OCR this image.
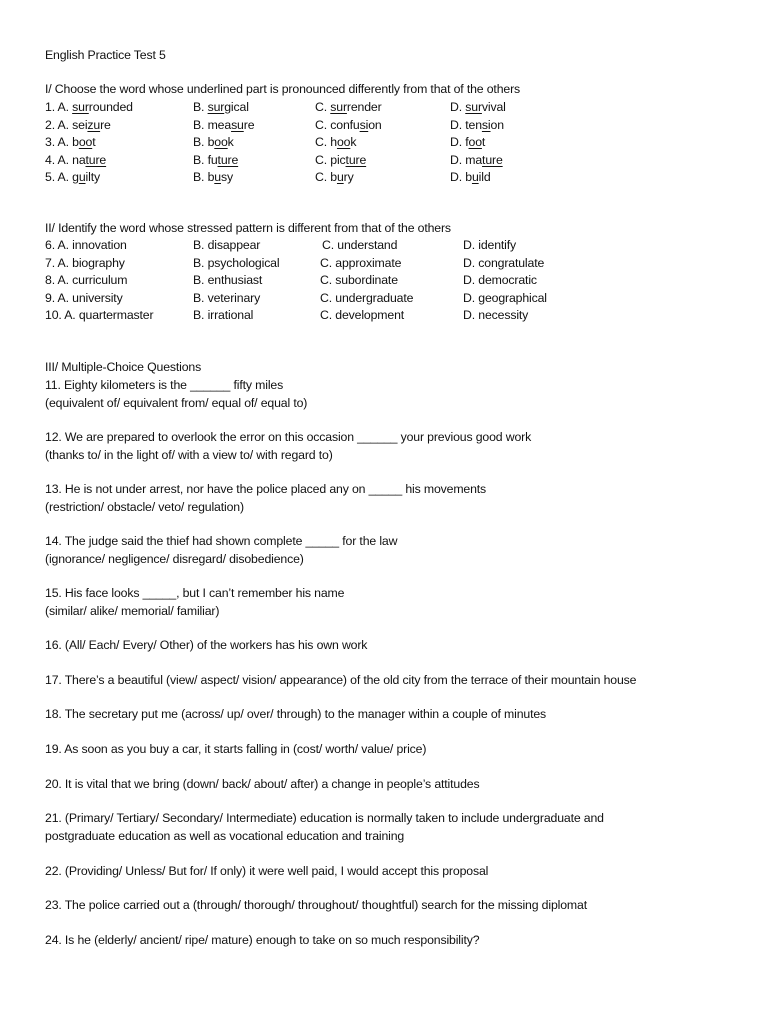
English Practice Test 5
I/ Choose the word whose underlined part is pronounced differently from that of the others
1. A. surrounded	B. surgical	C. surrender	D. survival
2. A. seizure	B. measure	C. confusion	D. tension
3. A. boot	B. book	C. hook	D. foot
4. A. nature	B. future	C. picture	D. mature
5. A. guilty	B. busy	C. bury	D. build
II/ Identify the word whose stressed pattern is different from that of the others
6. A. innovation	B. disappear	C. understand	D. identify
7. A. biography	B. psychological	C. approximate	D. congratulate
8. A. curriculum	B. enthusiast	C. subordinate	D. democratic
9. A. university	B. veterinary	C. undergraduate	D. geographical
10. A. quartermaster	B. irrational	C. development	D. necessity
III/ Multiple-Choice Questions
11. Eighty kilometers is the ______ fifty miles
(equivalent of/ equivalent from/ equal of/ equal to)
12. We are prepared to overlook the error on this occasion ______ your previous good work
(thanks to/ in the light of/ with a view to/ with regard to)
13. He is not under arrest, nor have the police placed any on _____ his movements
(restriction/ obstacle/ veto/ regulation)
14. The judge said the thief had shown complete _____ for the law
(ignorance/ negligence/ disregard/ disobedience)
15. His face looks _____, but I can’t remember his name
(similar/ alike/ memorial/ familiar)
16. (All/ Each/ Every/ Other) of the workers has his own work
17. There’s a beautiful (view/ aspect/ vision/ appearance) of the old city from the terrace of their mountain house
18. The secretary put me (across/ up/ over/ through) to the manager within a couple of minutes
19. As soon as you buy a car, it starts falling in (cost/ worth/ value/ price)
20. It is vital that we bring (down/ back/ about/ after) a change in people’s attitudes
21. (Primary/ Tertiary/ Secondary/ Intermediate) education is normally taken to include undergraduate and
postgraduate education as well as vocational education and training
22. (Providing/ Unless/ But for/ If only) it were well paid, I would accept this proposal
23. The police carried out a (through/ thorough/ throughout/ thoughtful) search for the missing diplomat
24. Is he (elderly/ ancient/ ripe/ mature) enough to take on so much responsibility?
